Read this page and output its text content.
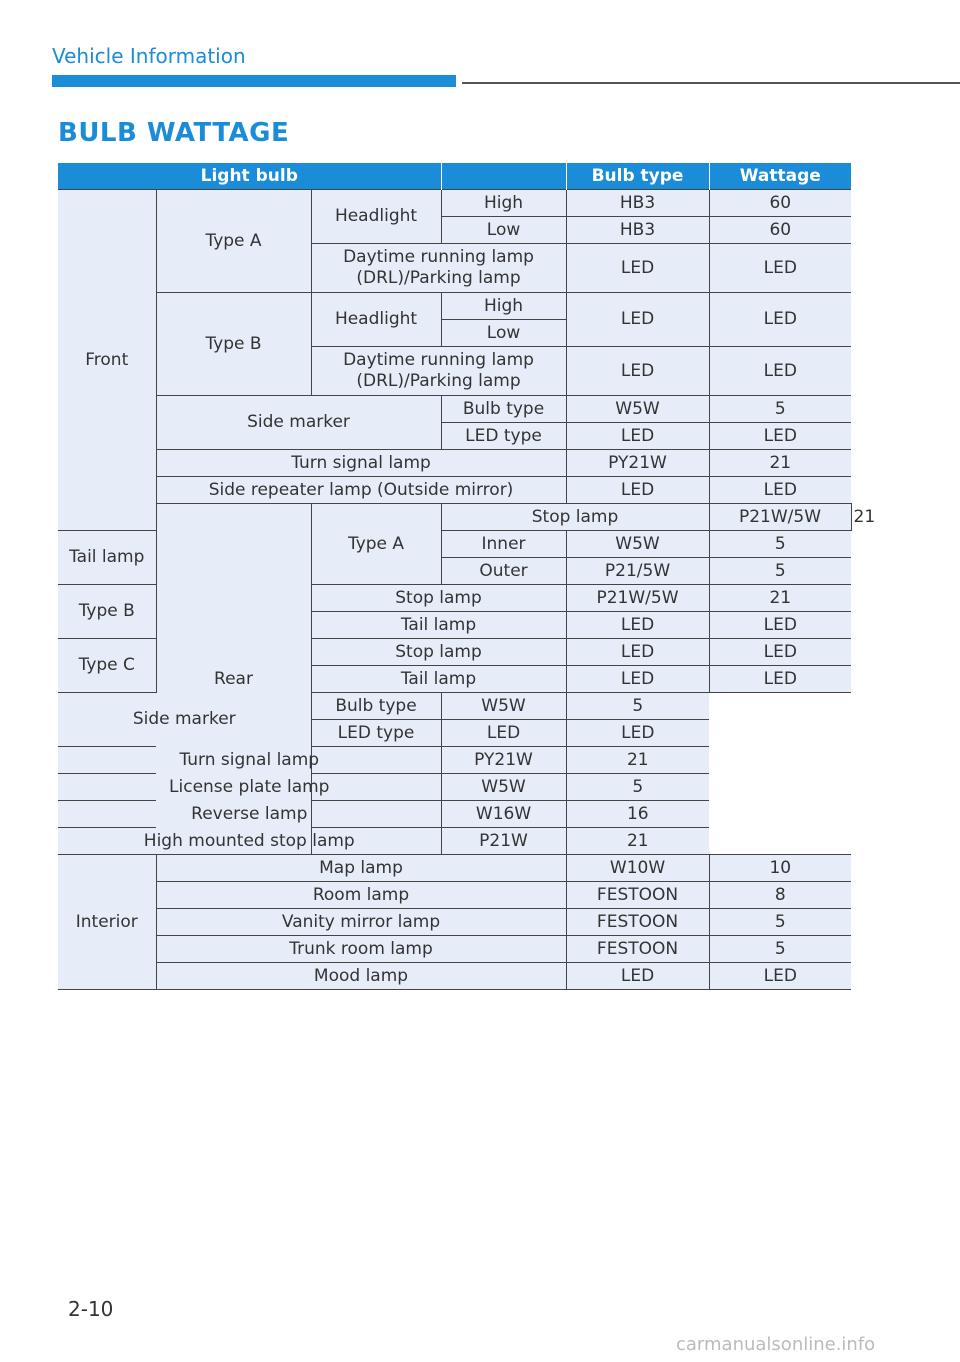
Vehicle Information
BULB WATTAGE
Light bulb				Bulb type	Wattage	
Front	Type A	Headlight	High	HB3	60	
			Low	HB3	60	
		Daytime running lamp (DRL)/Parking lamp		LED	LED	
	Type B	Headlight	High	LED	LED	
			Low			
		Daytime running lamp (DRL)/Parking lamp		LED	LED	
	Side marker		Bulb type	W5W	5	
			LED type	LED	LED	
	Turn signal lamp			PY21W	21	
	Side repeater lamp (Outside mirror)			LED	LED	
	Rear	Type A	Stop lamp		P21W/5W	21
Tail lamp			Inner	W5W	5	
			Outer	P21/5W	5	
Type B		Stop lamp		P21W/5W	21	
		Tail lamp		LED	LED	
Type C		Stop lamp		LED	LED	
		Tail lamp		LED	LED	
Side marker		Bulb type	W5W	5		
		LED type	LED	LED		
Turn signal lamp			PY21W	21		
License plate lamp			W5W	5		
Reverse lamp			W16W	16		
High mounted stop lamp			P21W	21		
Interior	Map lamp			W10W	10	
	Room lamp			FESTOON	8	
	Vanity mirror lamp			FESTOON	5	
	Trunk room lamp			FESTOON	5	
	Mood lamp			LED	LED	
2-10
carmanualsonline.info
